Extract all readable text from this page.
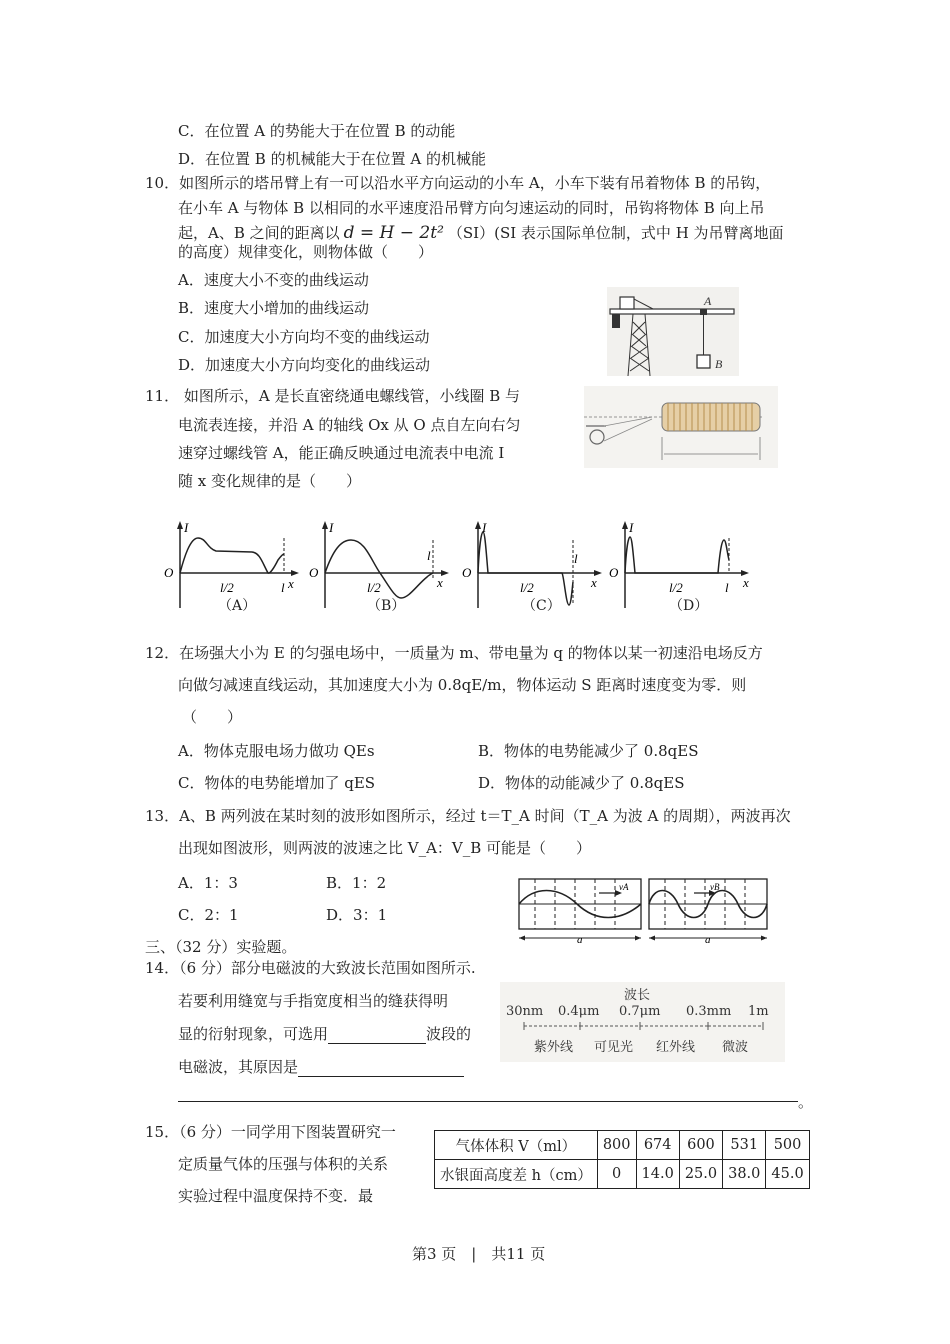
C．在位置 A 的势能大于在位置 B 的动能
D．在位置 B 的机械能大于在位置 A 的机械能
10．如图所示的塔吊臂上有一可以沿水平方向运动的小车 A，小车下装有吊着物体 B 的吊钩，
在小车 A 与物体 B 以相同的水平速度沿吊臂方向匀速运动的同时，吊钩将物体 B 向上吊
起，A、B 之间的距离以 d = H − 2t² （SI）(SI 表示国际单位制，式中 H 为吊臂离地面
的高度）规律变化，则物体做（　　）
A．速度大小不变的曲线运动
B．速度大小增加的曲线运动
C．加速度大小方向均不变的曲线运动
D．加速度大小方向均变化的曲线运动
A
B
11． 如图所示，A 是长直密绕通电螺线管，小线圈 B 与
电流表连接，并沿 A 的轴线 Ox 从 O 点自左向右匀
速穿过螺线管 A，能正确反映通过电流表中电流 I
随 x 变化规律的是（　　）
I
O
x
l/2	l
（A）
I
O
x
l/2
l
（B）
I
O
x
l/2
l
（C）
I
O
x
l/2	l
（D）
12．在场强大小为 E 的匀强电场中，一质量为 m、带电量为 q 的物体以某一初速沿电场反方
向做匀减速直线运动，其加速度大小为 0.8qE/m，物体运动 S 距离时速度变为零．则
（　　）
A．物体克服电场力做功 QEs	B．物体的电势能减少了 0.8qES
C．物体的电势能增加了 qES	D．物体的动能减少了 0.8qES
13．A、B 两列波在某时刻的波形如图所示，经过 t＝T_A 时间（T_A 为波 A 的周期），两波再次
出现如图波形，则两波的波速之比 V_A：V_B 可能是（　　）
A．1：3	B．1：2
C．2：1	D．3：1
vA
a
vB
a
三、（32 分）实验题。
14．（6 分）部分电磁波的大致波长范围如图所示.
若要利用缝宽与手指宽度相当的缝获得明
显的衍射现象，可选用	波段的
电磁波，其原因是
。
波长
30nm 0.4μm 0.7μm 0.3mm 1m
紫外线 可见光 红外线 微波
15．（6 分）一同学用下图装置研究一
定质量气体的压强与体积的关系
实验过程中温度保持不变．最
气体体积 V（ml）	800	674	600	531	500
水银面高度差 h（cm）	0	14.0	25.0	38.0	45.0
第3 页　|　共11 页
